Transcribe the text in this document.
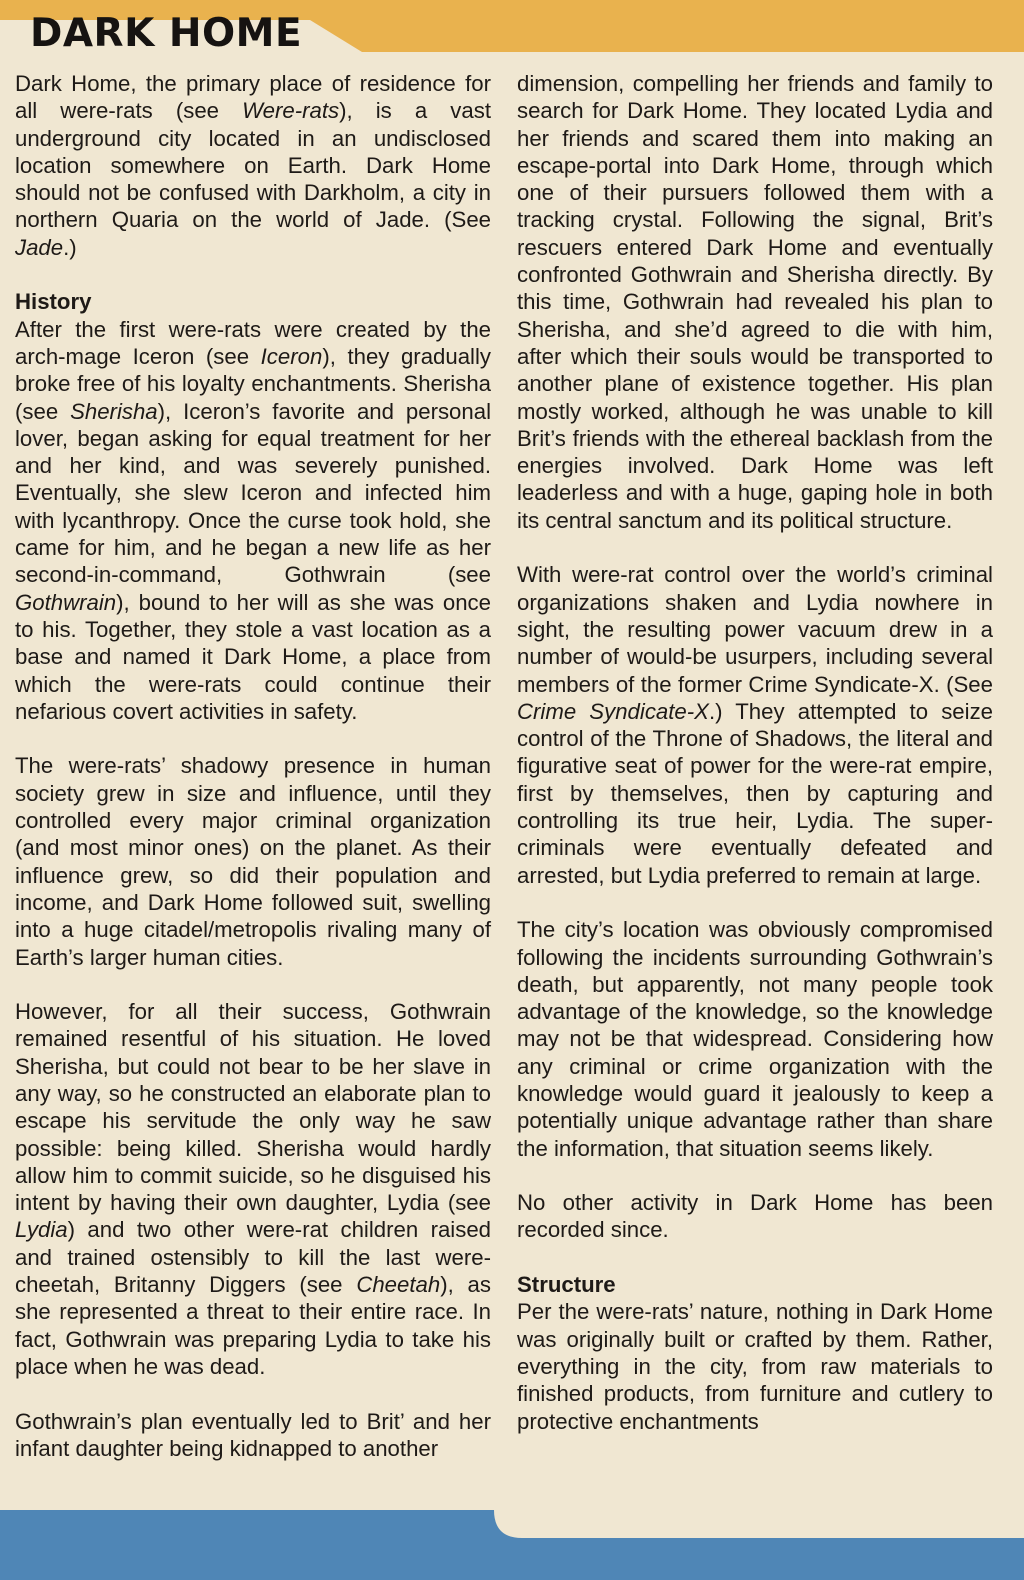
DARK HOME

Dark Home, the primary place of residence for all were-rats (see Were-rats), is a vast underground city located in an undisclosed location somewhere on Earth. Dark Home should not be confused with Darkholm, a city in northern Quaria on the world of Jade. (See Jade.)

History

After the first were-rats were created by the arch-mage Iceron (see Iceron), they gradually broke free of his loyalty enchantments. Sherisha (see Sherisha), Iceron’s favorite and personal lover, began asking for equal treatment for her and her kind, and was severely punished. Eventually, she slew Iceron and infected him with lycanthropy. Once the curse took hold, she came for him, and he began a new life as her second-in-command, Gothwrain (see Gothwrain), bound to her will as she was once to his. Together, they stole a vast location as a base and named it Dark Home, a place from which the were-rats could continue their nefarious covert activities in safety.

The were-rats’ shadowy presence in human society grew in size and influence, until they controlled every major criminal organization (and most minor ones) on the planet. As their influence grew, so did their population and income, and Dark Home followed suit, swelling into a huge citadel/metropolis rivaling many of Earth’s larger human cities.

However, for all their success, Gothwrain remained resentful of his situation. He loved Sherisha, but could not bear to be her slave in any way, so he constructed an elaborate plan to escape his servitude the only way he saw possible: being killed. Sherisha would hardly allow him to commit suicide, so he disguised his intent by having their own daughter, Lydia (see Lydia) and two other were-rat children raised and trained ostensibly to kill the last were-cheetah, Britanny Diggers (see Cheetah), as she represented a threat to their entire race. In fact, Gothwrain was preparing Lydia to take his place when he was dead.

Gothwrain’s plan eventually led to Brit’ and her infant daughter being kidnapped to another

dimension, compelling her friends and family to search for Dark Home. They located Lydia and her friends and scared them into making an escape-portal into Dark Home, through which one of their pursuers followed them with a tracking crystal. Following the signal, Brit’s rescuers entered Dark Home and eventually confronted Gothwrain and Sherisha directly. By this time, Gothwrain had revealed his plan to Sherisha, and she’d agreed to die with him, after which their souls would be transported to another plane of existence together. His plan mostly worked, although he was unable to kill Brit’s friends with the ethereal backlash from the energies involved. Dark Home was left leaderless and with a huge, gaping hole in both its central sanctum and its political structure.

With were-rat control over the world’s criminal organizations shaken and Lydia nowhere in sight, the resulting power vacuum drew in a number of would-be usurpers, including several members of the former Crime Syndicate-X. (See Crime Syndicate-X.) They attempted to seize control of the Throne of Shadows, the literal and figurative seat of power for the were-rat empire, first by themselves, then by capturing and controlling its true heir, Lydia. The super-criminals were eventually defeated and arrested, but Lydia preferred to remain at large.

The city’s location was obviously compromised following the incidents surrounding Gothwrain’s death, but apparently, not many people took advantage of the knowledge, so the knowledge may not be that widespread. Considering how any criminal or crime organization with the knowledge would guard it jealously to keep a potentially unique advantage rather than share the information, that situation seems likely.

No other activity in Dark Home has been recorded since.

Structure

Per the were-rats’ nature, nothing in Dark Home was originally built or crafted by them. Rather, everything in the city, from raw materials to finished products, from furniture and cutlery to protective enchantments
